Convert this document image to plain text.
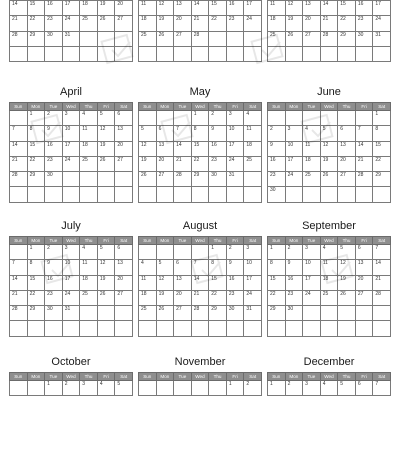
14	15	16	17	18	19	20
21	22	23	24	25	26	27
28	29	30	31			

11	12	13	14	15	16	17
18	19	20	21	22	23	24
25	26	27	28			

11	12	13	14	15	16	17
18	19	20	21	22	23	24
25	26	27	28	29	30	31

April
Sun	Mon	Tue	Wed	Thu	Fri	Sat
	1	2	3	4	5	6
7	8	9	10	11	12	13
14	15	16	17	18	19	20
21	22	23	24	25	26	27
28	29	30				

May
Sun	Mon	Tue	Wed	Thu	Fri	Sat
			1	2	3	4
5	6	7	8	9	10	11
12	13	14	15	16	17	18
19	20	21	22	23	24	25
26	27	28	29	30	31	

June
Sun	Mon	Tue	Wed	Thu	Fri	Sat
						1
2	3	4	5	6	7	8
9	10	11	12	13	14	15
16	17	18	19	20	21	22
23	24	25	26	27	28	29
30						
July
Sun	Mon	Tue	Wed	Thu	Fri	Sat
	1	2	3	4	5	6
7	8	9	10	11	12	13
14	15	16	17	18	19	20
21	22	23	24	25	26	27
28	29	30	31			

August
Sun	Mon	Tue	Wed	Thu	Fri	Sat
				1	2	3
4	5	6	7	8	9	10
11	12	13	14	15	16	17
18	19	20	21	22	23	24
25	26	27	28	29	30	31

September
Sun	Mon	Tue	Wed	Thu	Fri	Sat
1	2	3	4	5	6	7
8	9	10	11	12	13	14
15	16	17	18	19	20	21
22	23	24	25	26	27	28
29	30					

October
Sun	Mon	Tue	Wed	Thu	Fri	Sat
		1	2	3	4	5
November
Sun	Mon	Tue	Wed	Thu	Fri	Sat
					1	2
December
Sun	Mon	Tue	Wed	Thu	Fri	Sat
1	2	3	4	5	6	7
